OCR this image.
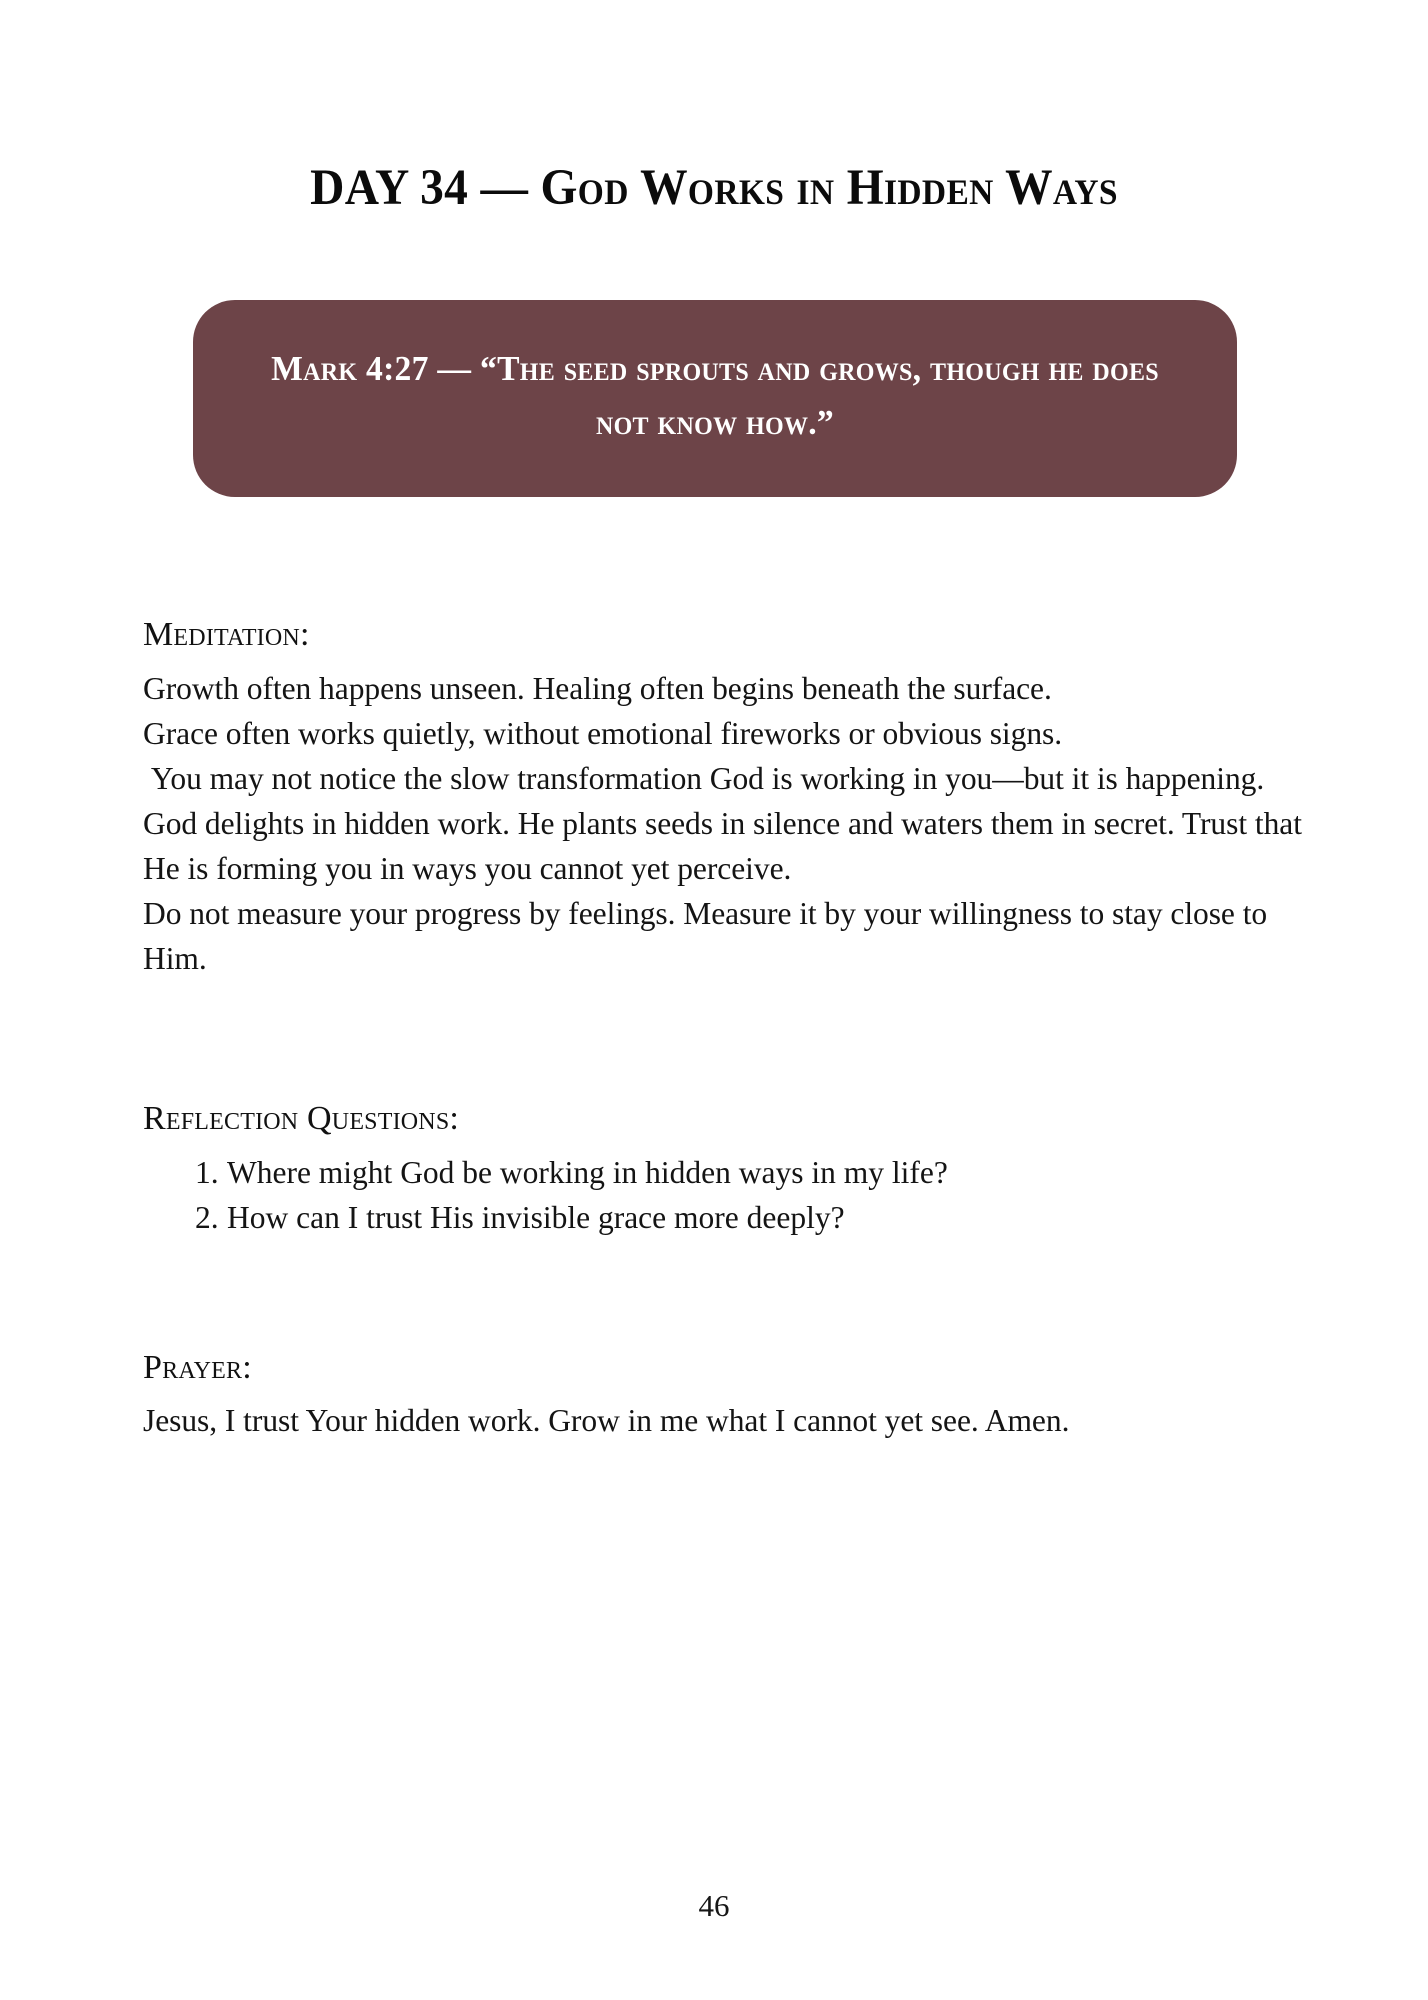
DAY 34 — God Works in Hidden Ways
Mark 4:27 — “The seed sprouts and grows, though he does not know how.”
Meditation:

Growth often happens unseen. Healing often begins beneath the surface.

Grace often works quietly, without emotional fireworks or obvious signs.

You may not notice the slow transformation God is working in you—but it is happening.

God delights in hidden work. He plants seeds in silence and waters them in secret. Trust that He is forming you in ways you cannot yet perceive.

Do not measure your progress by feelings. Measure it by your willingness to stay close to Him.

Reflection Questions:
1. Where might God be working in hidden ways in my life?
2. How can I trust His invisible grace more deeply?
Prayer:

Jesus, I trust Your hidden work. Grow in me what I cannot yet see. Amen.

46
